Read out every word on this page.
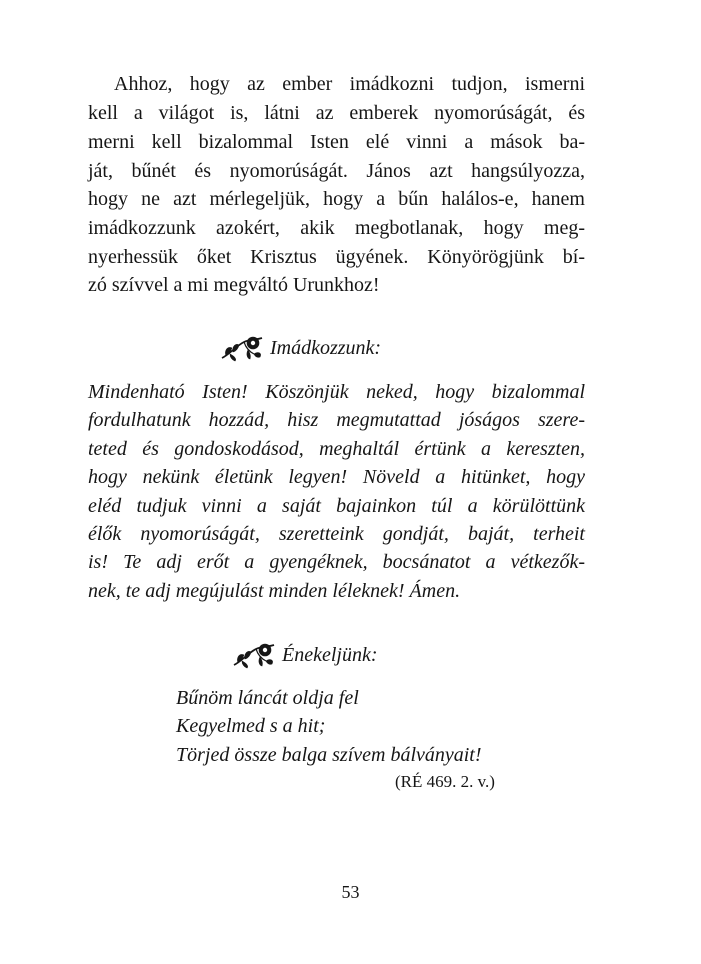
Ahhoz, hogy az ember imádkozni tudjon, ismerni
kell a világot is, látni az emberek nyomorúságát, és
merni kell bizalommal Isten elé vinni a mások ba-
ját, bűnét és nyomorúságát. János azt hangsúlyozza,
hogy ne azt mérlegeljük, hogy a bűn halálos-e, hanem
imádkozzunk azokért, akik megbotlanak, hogy meg-
nyerhessük őket Krisztus ügyének. Könyörögjünk bí-
zó szívvel a mi megváltó Urunkhoz!
Imádkozzunk:
Mindenható Isten! Köszönjük neked, hogy bizalommal
fordulhatunk hozzád, hisz megmutattad jóságos szere-
teted és gondoskodásod, meghaltál értünk a kereszten,
hogy nekünk életünk legyen! Növeld a hitünket, hogy
eléd tudjuk vinni a saját bajainkon túl a körülöttünk
élők nyomorúságát, szeretteink gondját, baját, terheit
is! Te adj erőt a gyengéknek, bocsánatot a vétkezők-
nek, te adj megújulást minden léleknek! Ámen.
Énekeljünk:
Bűnöm láncát oldja fel
Kegyelmed s a hit;
Törjed össze balga szívem bálványait!
(RÉ 469. 2. v.)
53
